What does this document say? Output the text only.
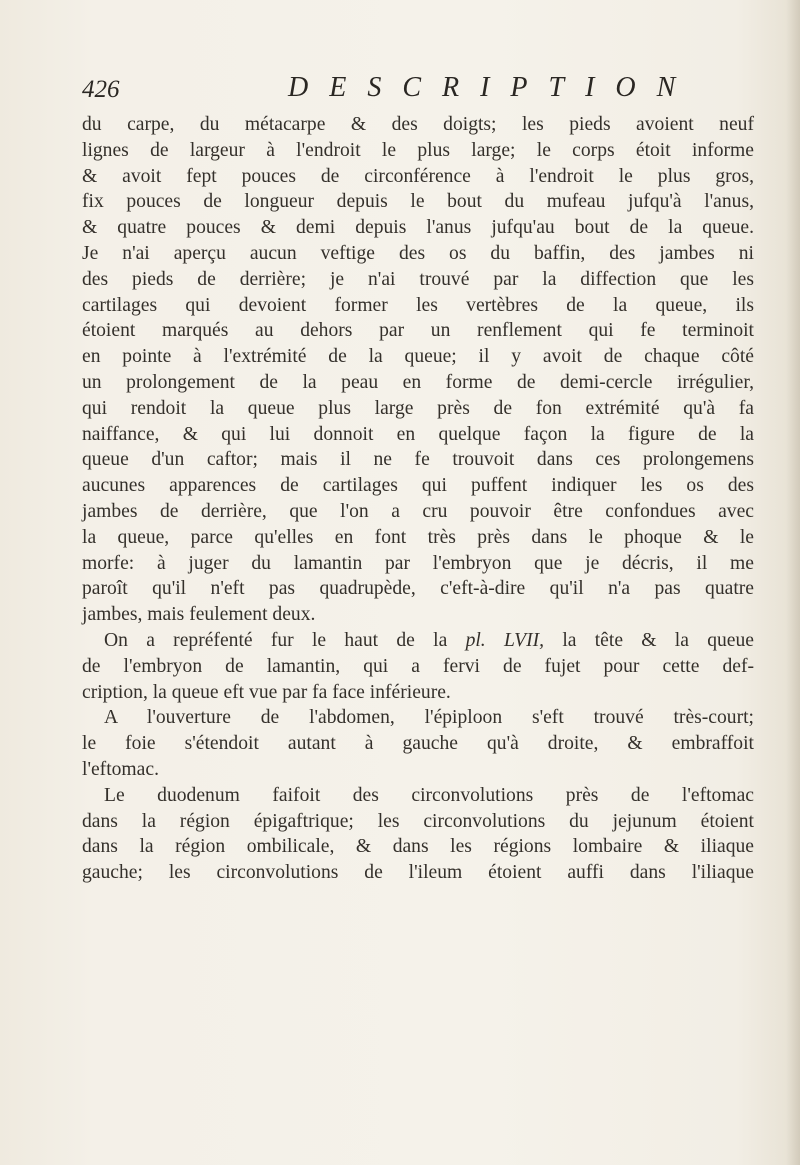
426	DESCRIPTION
du carpe, du métacarpe & des doigts; les pieds avoient neuf
lignes de largeur à l'endroit le plus large; le corps étoit informe
& avoit fept pouces de circonférence à l'endroit le plus gros,
fix pouces de longueur depuis le bout du mufeau jufqu'à l'anus,
& quatre pouces & demi depuis l'anus jufqu'au bout de la queue.
Je n'ai aperçu aucun veftige des os du baffin, des jambes ni
des pieds de derrière; je n'ai trouvé par la diffection que les
cartilages qui devoient former les vertèbres de la queue, ils
étoient marqués au dehors par un renflement qui fe terminoit
en pointe à l'extrémité de la queue; il y avoit de chaque côté
un prolongement de la peau en forme de demi-cercle irrégulier,
qui rendoit la queue plus large près de fon extrémité qu'à fa
naiffance, & qui lui donnoit en quelque façon la figure de la
queue d'un caftor; mais il ne fe trouvoit dans ces prolongemens
aucunes apparences de cartilages qui puffent indiquer les os des
jambes de derrière, que l'on a cru pouvoir être confondues avec
la queue, parce qu'elles en font très près dans le phoque & le
morfe: à juger du lamantin par l'embryon que je décris, il me
paroît qu'il n'eft pas quadrupède, c'eft-à-dire qu'il n'a pas quatre
jambes, mais feulement deux.
On a repréfenté fur le haut de la pl. LVII, la tête & la queue
de l'embryon de lamantin, qui a fervi de fujet pour cette def-
cription, la queue eft vue par fa face inférieure.
A l'ouverture de l'abdomen, l'épiploon s'eft trouvé très-court;
le foie s'étendoit autant à gauche qu'à droite, & embraffoit
l'eftomac.
Le duodenum faifoit des circonvolutions près de l'eftomac
dans la région épigaftrique; les circonvolutions du jejunum étoient
dans la région ombilicale, & dans les régions lombaire & iliaque
gauche; les circonvolutions de l'ileum étoient auffi dans l'iliaque
